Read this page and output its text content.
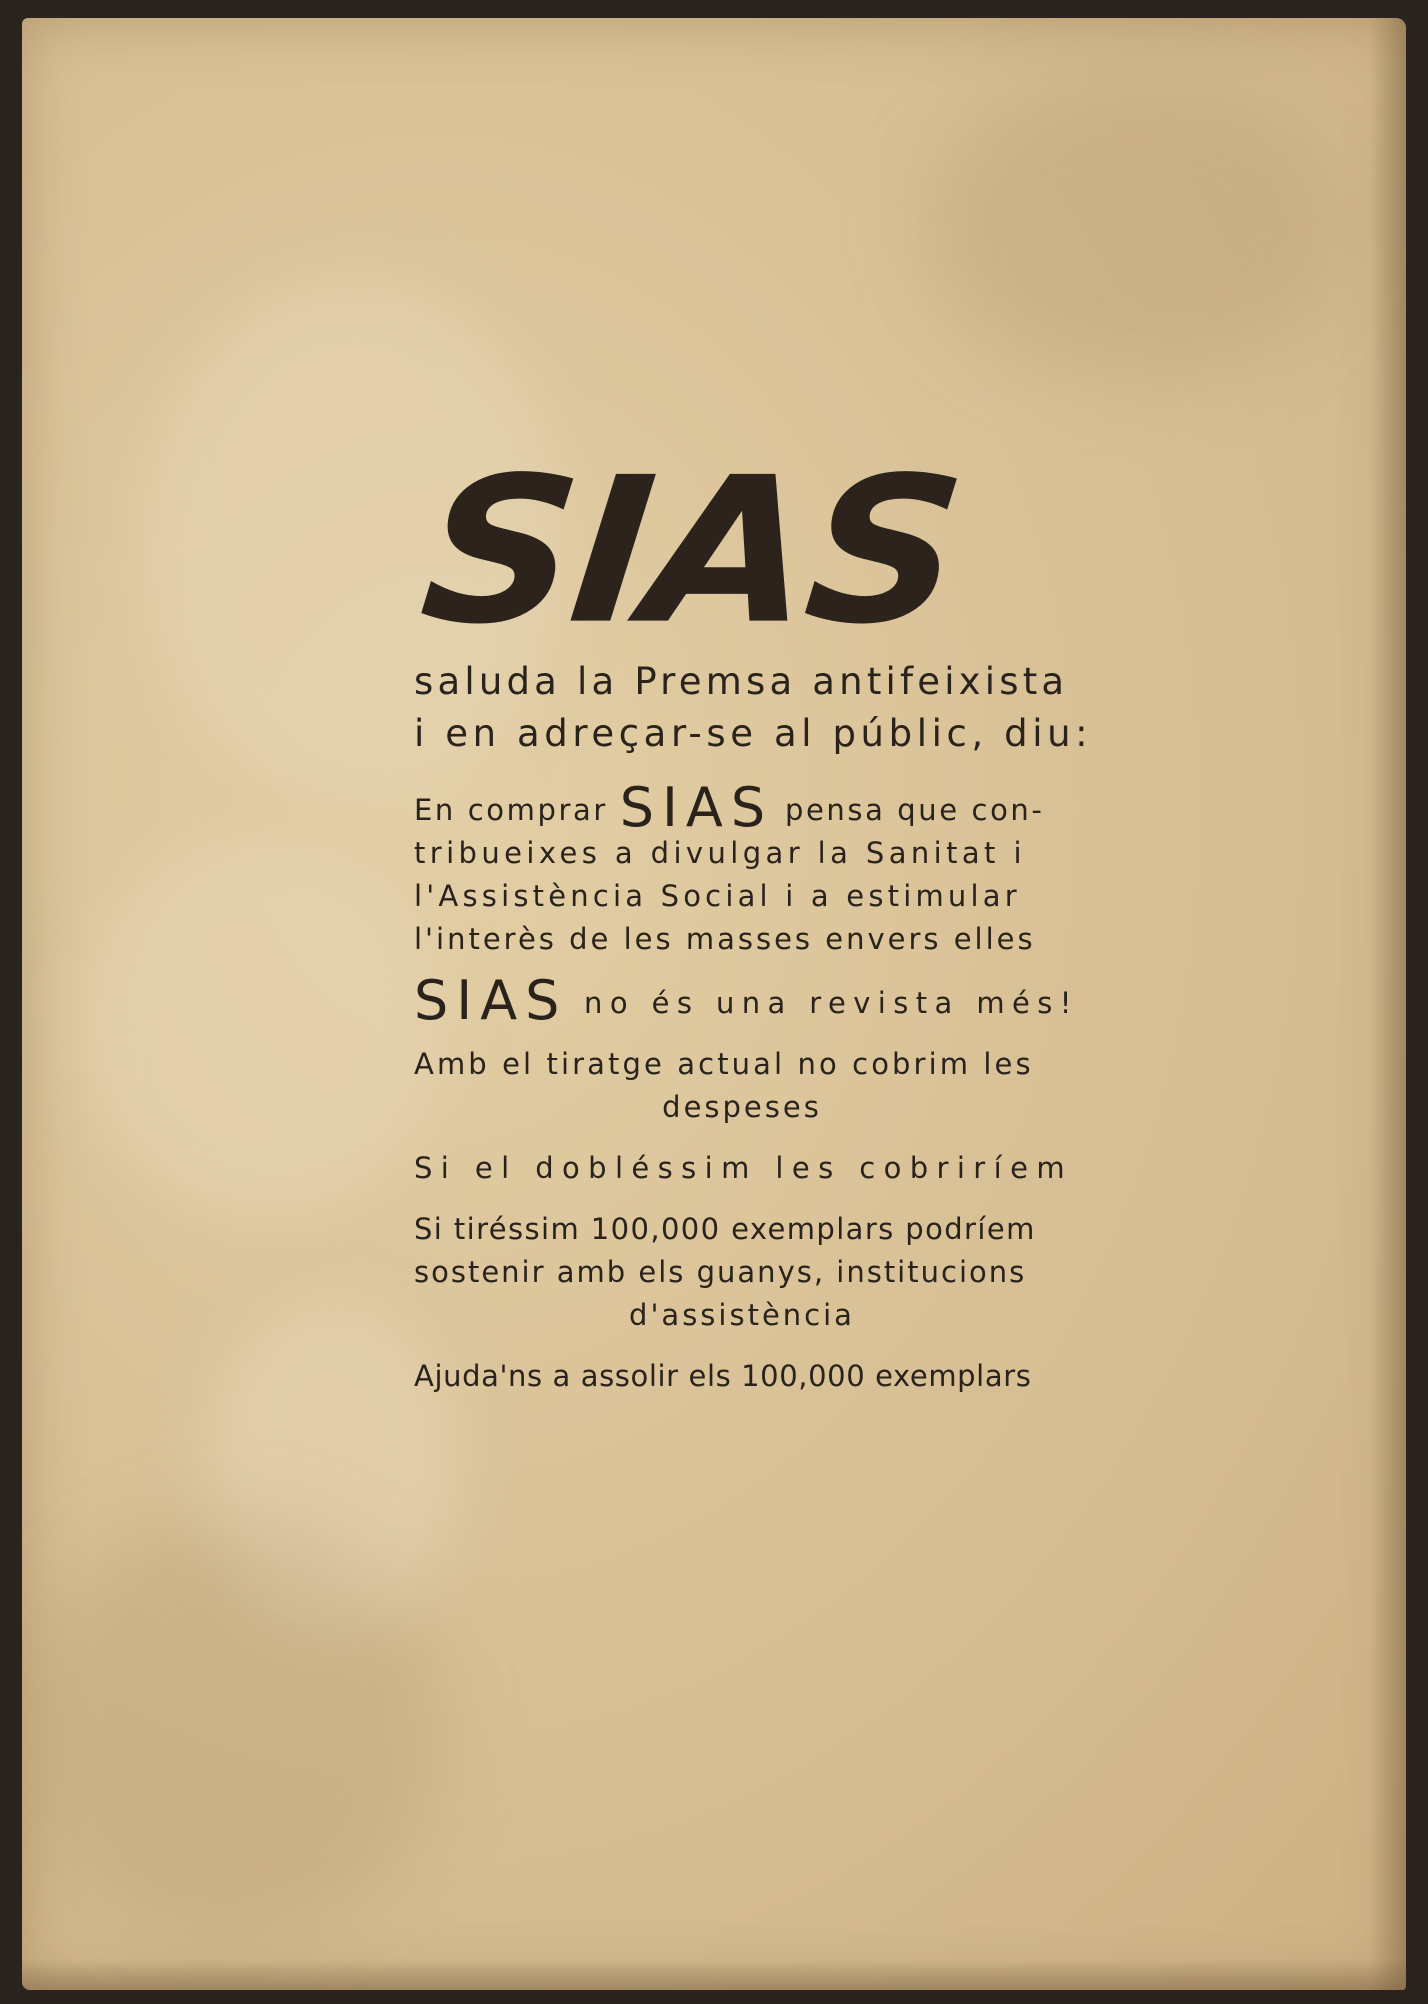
SIAS
saluda la Premsa antifeixista
i en adreçar-se al públic, diu:
En comprar SIAS pensa que con-
tribueixes a divulgar la Sanitat i
l'Assistència Social i a estimular
l'interès de les masses envers elles
SIAS no és una revista més!
Amb el tiratge actual no cobrim les
despeses
Si el dobléssim les cobriríem
Si tiréssim 100,000 exemplars podríem
sostenir amb els guanys, institucions
d'assistència
Ajuda'ns a assolir els 100,000 exemplars
